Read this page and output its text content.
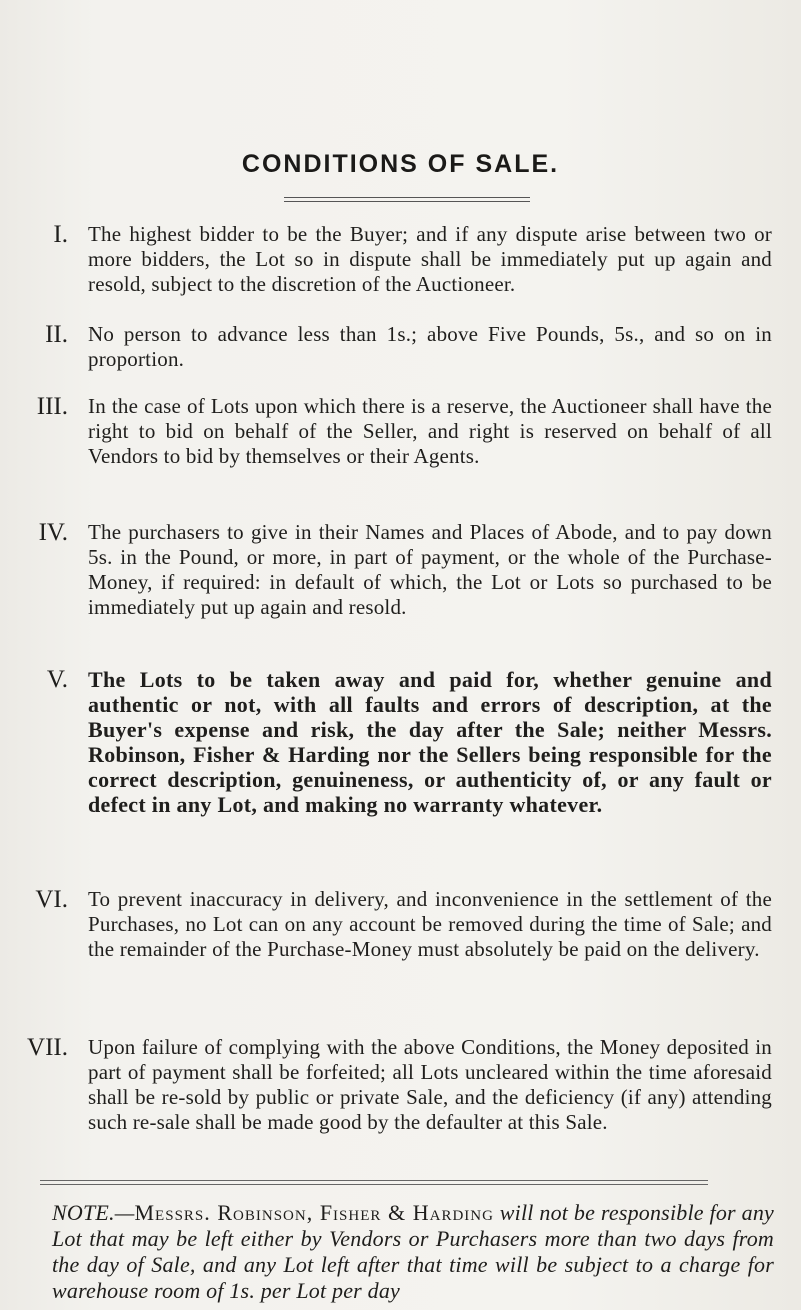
CONDITIONS OF SALE.
I. The highest bidder to be the Buyer; and if any dispute arise between two or more bidders, the Lot so in dispute shall be immediately put up again and resold, subject to the discretion of the Auctioneer.
II. No person to advance less than 1s.; above Five Pounds, 5s., and so on in proportion.
III. In the case of Lots upon which there is a reserve, the Auctioneer shall have the right to bid on behalf of the Seller, and right is reserved on behalf of all Vendors to bid by themselves or their Agents.
IV. The purchasers to give in their Names and Places of Abode, and to pay down 5s. in the Pound, or more, in part of payment, or the whole of the Purchase-Money, if required: in default of which, the Lot or Lots so purchased to be immediately put up again and resold.
V. The Lots to be taken away and paid for, whether genuine and authentic or not, with all faults and errors of description, at the Buyer's expense and risk, the day after the Sale; neither Messrs. Robinson, Fisher & Harding nor the Sellers being responsible for the correct description, genuineness, or authenticity of, or any fault or defect in any Lot, and making no warranty whatever.
VI. To prevent inaccuracy in delivery, and inconvenience in the settlement of the Purchases, no Lot can on any account be removed during the time of Sale; and the remainder of the Purchase-Money must absolutely be paid on the delivery.
VII. Upon failure of complying with the above Conditions, the Money deposited in part of payment shall be forfeited; all Lots uncleared within the time aforesaid shall be re-sold by public or private Sale, and the deficiency (if any) attending such re-sale shall be made good by the defaulter at this Sale.
NOTE.—Messrs. Robinson, Fisher & Harding will not be responsible for any Lot that may be left either by Vendors or Purchasers more than two days from the day of Sale, and any Lot left after that time will be subject to a charge for warehouse room of 1s. per Lot per day
